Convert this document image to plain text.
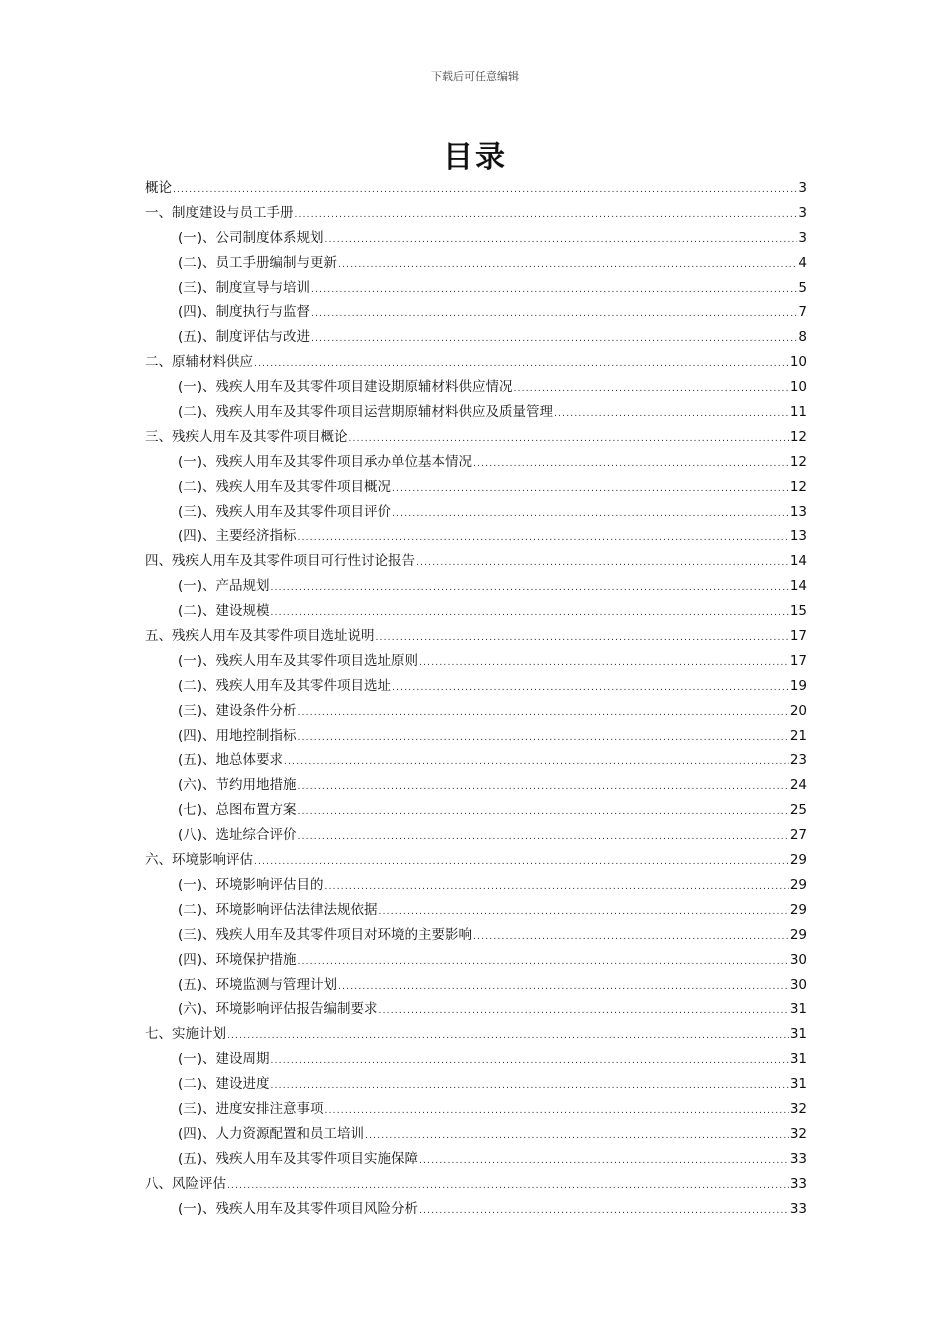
下载后可任意编辑
目录
概论 .....	3
一、制度建设与员工手册 .....	3
(一)、公司制度体系规划 .....	3
(二)、员工手册编制与更新 .....	4
(三)、制度宣导与培训 .....	5
(四)、制度执行与监督 .....	7
(五)、制度评估与改进 .....	8
二、原辅材料供应 .....	10
(一)、残疾人用车及其零件项目建设期原辅材料供应情况 .....	10
(二)、残疾人用车及其零件项目运营期原辅材料供应及质量管理 .....	11
三、残疾人用车及其零件项目概论 .....	12
(一)、残疾人用车及其零件项目承办单位基本情况 .....	12
(二)、残疾人用车及其零件项目概况 .....	12
(三)、残疾人用车及其零件项目评价 .....	13
(四)、主要经济指标 .....	13
四、残疾人用车及其零件项目可行性讨论报告 .....	14
(一)、产品规划 .....	14
(二)、建设规模 .....	15
五、残疾人用车及其零件项目选址说明 .....	17
(一)、残疾人用车及其零件项目选址原则 .....	17
(二)、残疾人用车及其零件项目选址 .....	19
(三)、建设条件分析 .....	20
(四)、用地控制指标 .....	21
(五)、地总体要求 .....	23
(六)、节约用地措施 .....	24
(七)、总图布置方案 .....	25
(八)、选址综合评价 .....	27
六、环境影响评估 .....	29
(一)、环境影响评估目的 .....	29
(二)、环境影响评估法律法规依据 .....	29
(三)、残疾人用车及其零件项目对环境的主要影响 .....	29
(四)、环境保护措施 .....	30
(五)、环境监测与管理计划 .....	30
(六)、环境影响评估报告编制要求 .....	31
七、实施计划 .....	31
(一)、建设周期 .....	31
(二)、建设进度 .....	31
(三)、进度安排注意事项 .....	32
(四)、人力资源配置和员工培训 .....	32
(五)、残疾人用车及其零件项目实施保障 .....	33
八、风险评估 .....	33
(一)、残疾人用车及其零件项目风险分析 .....	33
